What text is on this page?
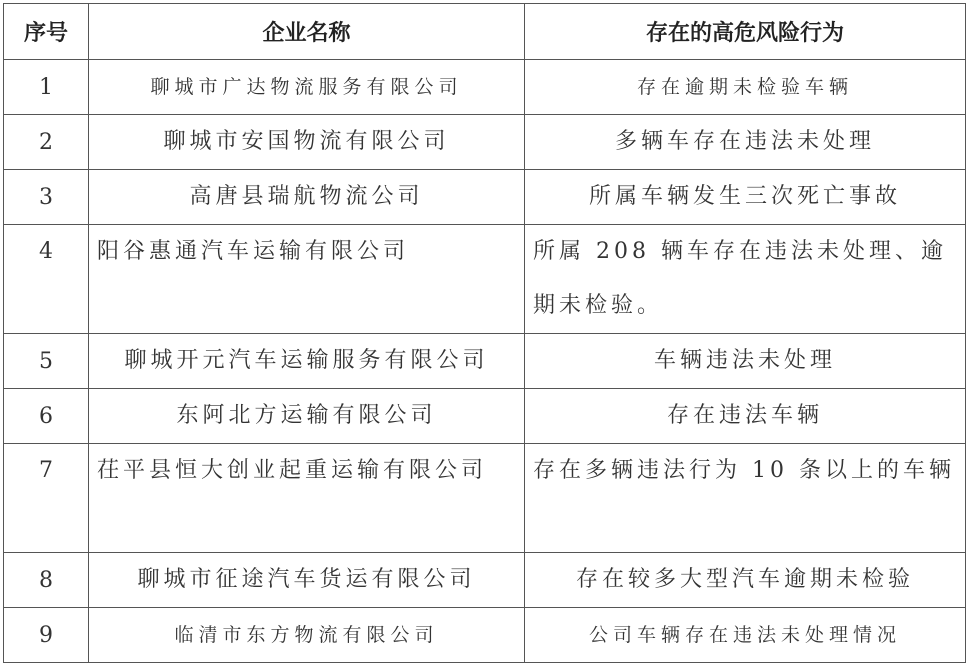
序号	企业名称	存在的高危风险行为
1	聊城市广达物流服务有限公司	存在逾期未检验车辆
2	聊城市安国物流有限公司	多辆车存在违法未处理
3	高唐县瑞航物流公司	所属车辆发生三次死亡事故
4	阳谷惠通汽车运输有限公司	所属 208 辆车存在违法未处理、逾期未检验。
5	聊城开元汽车运输服务有限公司	车辆违法未处理
6	东阿北方运输有限公司	存在违法车辆
7	茌平县恒大创业起重运输有限公司	存在多辆违法行为 10 条以上的车辆
8	聊城市征途汽车货运有限公司	存在较多大型汽车逾期未检验
9	临清市东方物流有限公司	公司车辆存在违法未处理情况
